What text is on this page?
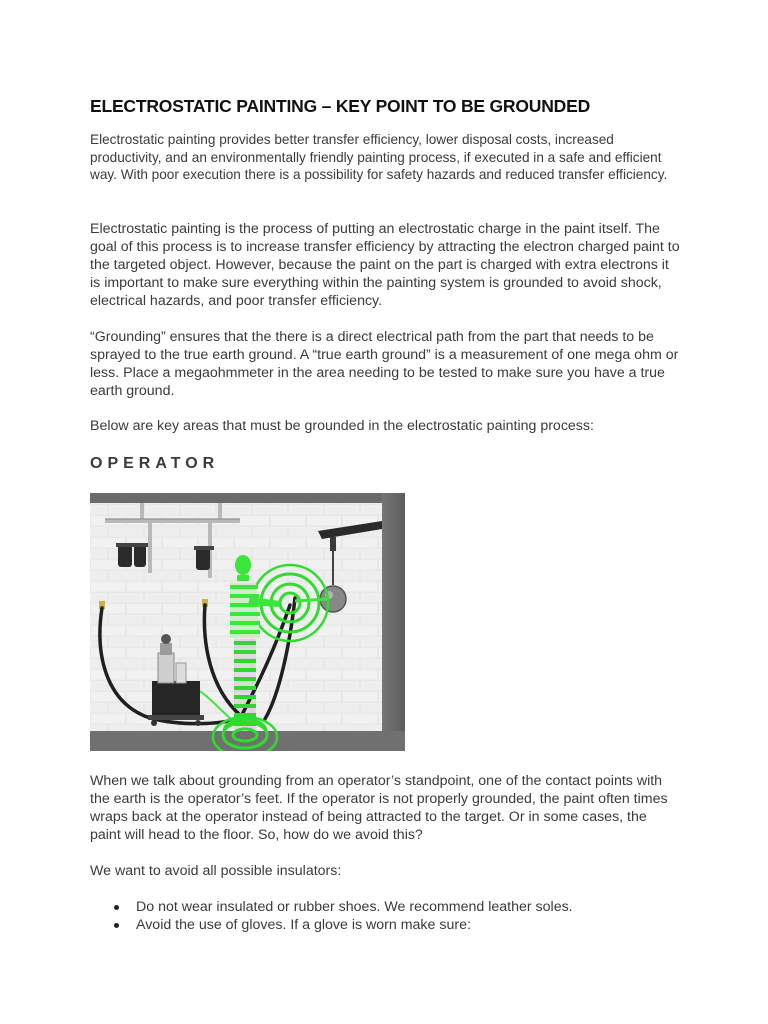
ELECTROSTATIC PAINTING – KEY POINT TO BE GROUNDED

Electrostatic painting provides better transfer efficiency, lower disposal costs, increased productivity, and an environmentally friendly painting process, if executed in a safe and efficient way. With poor execution there is a possibility for safety hazards and reduced transfer efficiency.

Electrostatic painting is the process of putting an electrostatic charge in the paint itself. The goal of this process is to increase transfer efficiency by attracting the electron charged paint to the targeted object. However, because the paint on the part is charged with extra electrons it is important to make sure everything within the painting system is grounded to avoid shock, electrical hazards, and poor transfer efficiency.

“Grounding” ensures that the there is a direct electrical path from the part that needs to be sprayed to the true earth ground. A “true earth ground” is a measurement of one mega ohm or less. Place a megaohmmeter in the area needing to be tested to make sure you have a true earth ground.

Below are key areas that must be grounded in the electrostatic painting process:

OPERATOR

When we talk about grounding from an operator’s standpoint, one of the contact points with the earth is the operator’s feet. If the operator is not properly grounded, the paint often times wraps back at the operator instead of being attracted to the target. Or in some cases, the paint will head to the floor. So, how do we avoid this?

We want to avoid all possible insulators:

Do not wear insulated or rubber shoes. We recommend leather soles.
Avoid the use of gloves. If a glove is worn make sure:
